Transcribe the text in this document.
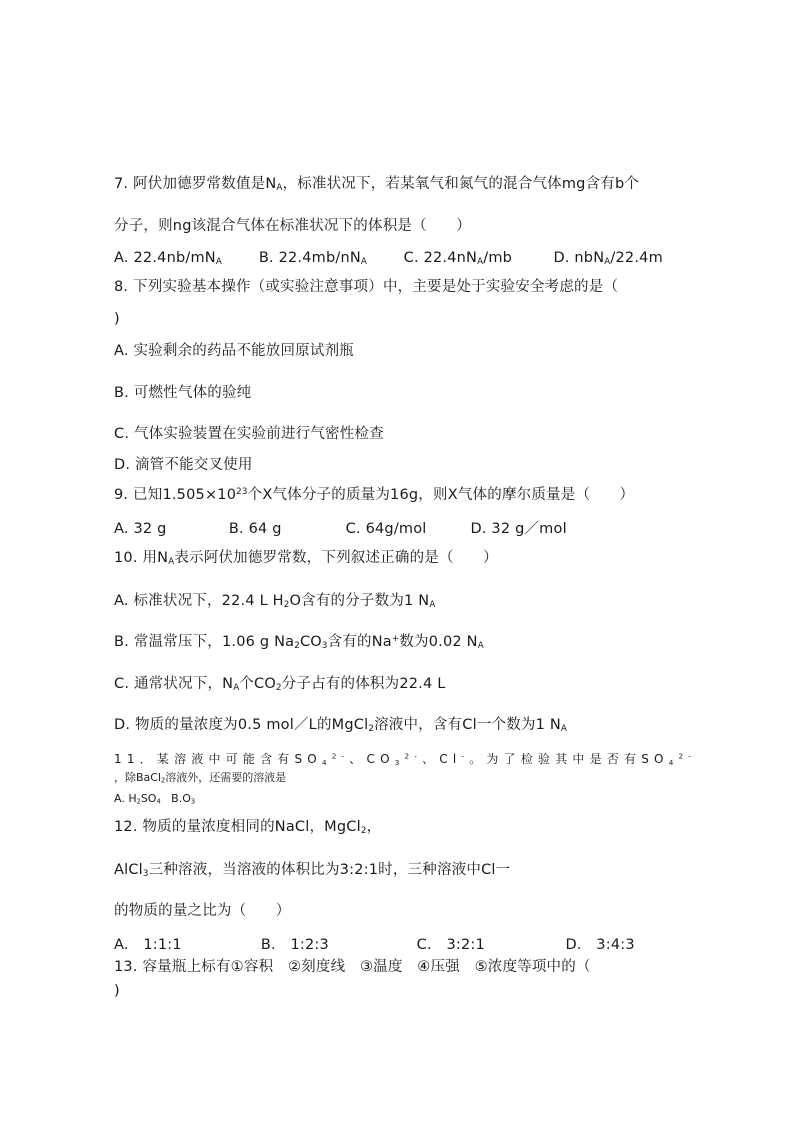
7. 阿伏加德罗常数值是$N_A$，标准状况下，若某氧气和氮气的混合气体mg含有b个
分子，则ng该混合气体在标准状况下的体积是（　　）
A. $22.4nb/mN_A$	B. $22.4mb/nN_A$	C. $22.4nN_A/mb$	D. nbN$_A$/22.4m
8. 下列实验基本操作（或实验注意事项）中，主要是处于实验安全考虑的是（
)
A. 实验剩余的药品不能放回原试剂瓶
B. 可燃性气体的验纯
C. 气体实验装置在实验前进行气密性检查
D. 滴管不能交叉使用
9. 已知$1.505\times 10^{23}$个X气体分子的质量为16g，则X气体的摩尔质量是（　　）
A. 32 g	B. 64 g	C. 64g/mol	D. 32 g／mol
10. 用$N_A$表示阿伏加德罗常数，下列叙述正确的是（　　）
A. 标准状况下，22.4 L $H_2O$含有的分子数为1 $N_A$
B. 常温常压下，1.06 g $Na_2CO_3$含有的Na+数为0.02 $N_A$
C. 通常状况下，$N_A$个$CO_2$分子占有的体积为22.4 L
D. 物质的量浓度为0.5 mol／L的MgCl$_2$溶液中，含有Cl一个数为1 $N_A$
11．某溶液中可能含有$SO_4^{2-}$、$CO_3^{2-}$、Cl-。为了检验其中是否有$SO_4^{2-}$
，除BaCl$_2$溶液外，还需要的溶液是
A. $H_2SO_4$ $B.O_3$
12. 物质的量浓度相同的NaCl，MgCl$_2$，
AlCl$_3$三种溶液，当溶液的体积比为3:2:1时，三种溶液中Cl一
的物质的量之比为（　　）
A.　1:1:1	B.　1:2:3	C.　3:2:1	D.　3:4:3
13. 容量瓶上标有①容积　②刻度线　③温度　④压强　⑤浓度等项中的（
)
